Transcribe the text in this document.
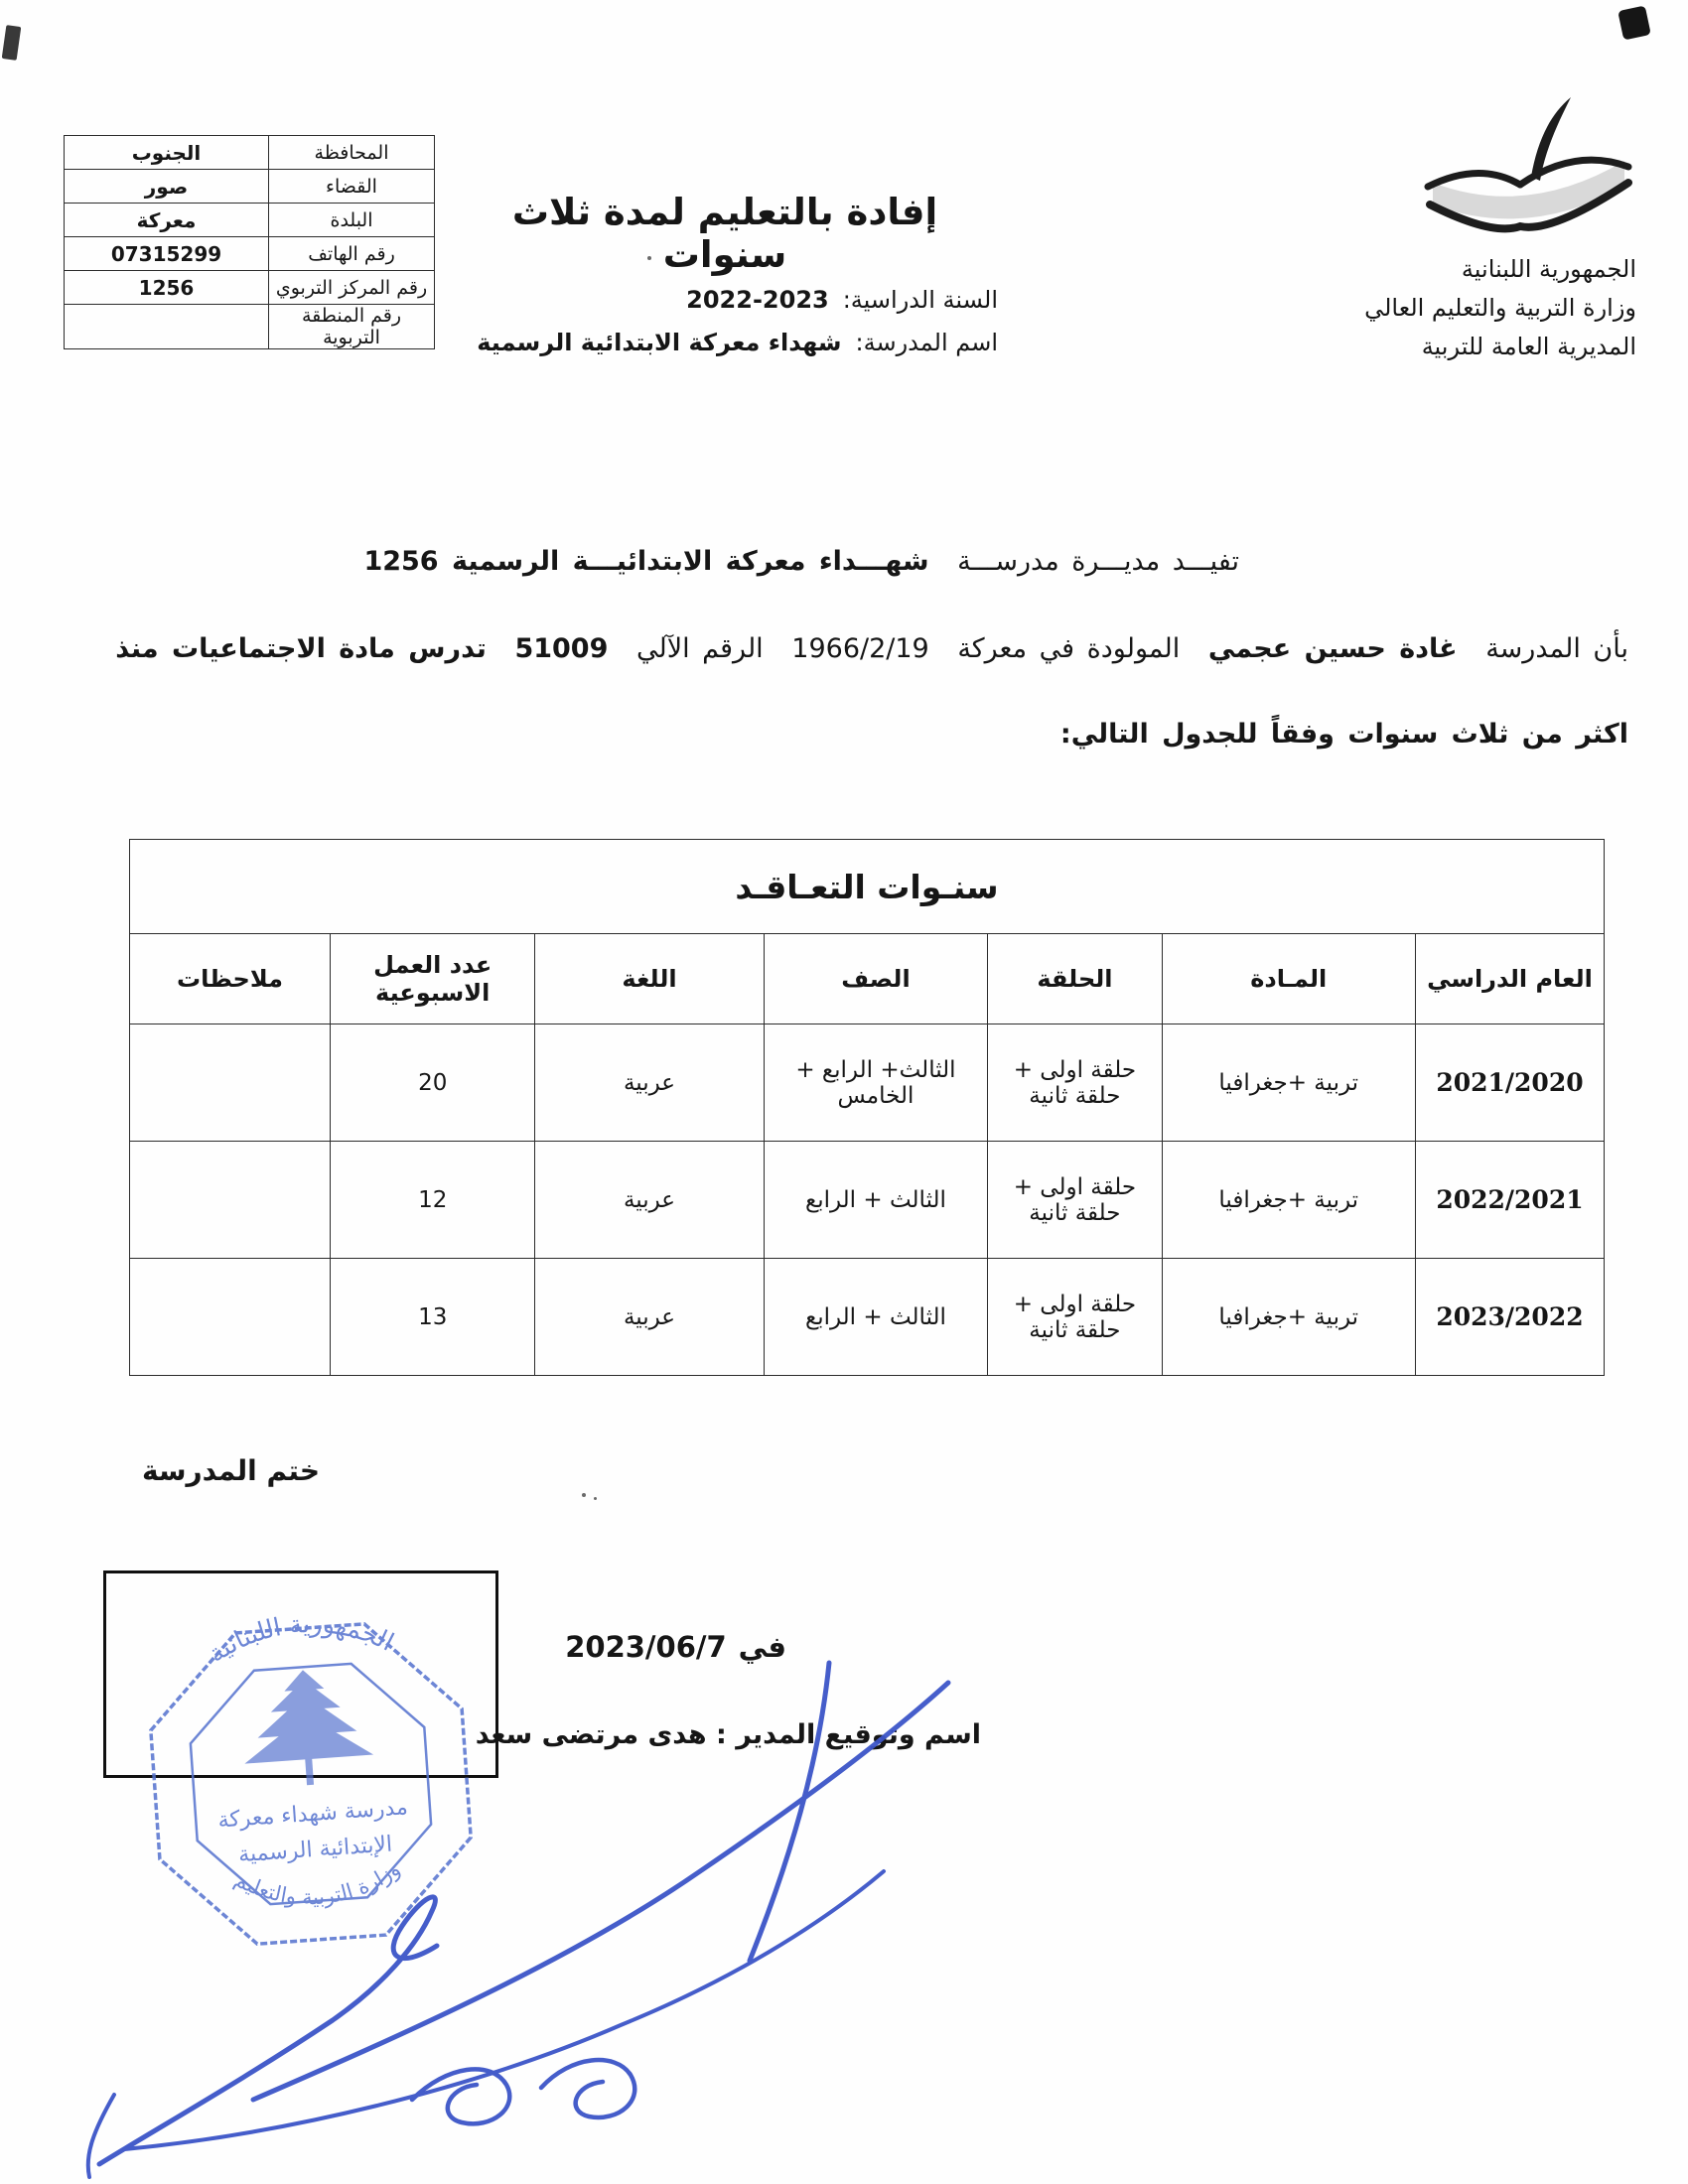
المحافظة	الجنوب
القضاء	صور
البلدة	معركة
رقم الهاتف	07315299
رقم المركز التربوي	1256
رقم المنطقة التربوية	
إفادة بالتعليم لمدة ثلاث سنوات
السنة الدراسية:2023-2022
اسم المدرسة:شهداء معركة الابتدائية الرسمية
الجمهورية اللبنانية
وزارة التربية والتعليم العالي
المديرية العامة للتربية
تفيـــد مديـــرة مدرســـة شهـــداء معركة الابتدائيـــة الرسمية 1256
بأن المدرسة غادة حسين عجمي المولودة في معركة 1966/2/19 الرقم الآلي 51009 تدرس مادة الاجتماعيات منذ
اكثر من ثلاث سنوات وفقاً للجدول التالي:
سنـوات التعـاقـد						
العام الدراسي	المـادة	الحلقة	الصف	اللغة	عدد العمل الاسبوعية	ملاحظات
2021/2020	تربية +جغرافيا	حلقة اولى + حلقة ثانية	الثالث+ الرابع + الخامس	عربية	20	
2022/2021	تربية +جغرافيا	حلقة اولى + حلقة ثانية	الثالث + الرابع	عربية	12	
2023/2022	تربية +جغرافيا	حلقة اولى + حلقة ثانية	الثالث + الرابع	عربية	13	
ختم المدرسة
في2023/06/7
اسم وتوقيع المدير : هدى مرتضى سعد
الجمهورية اللبنانية
مدرسة شهداء معركة
الإبتدائية الرسمية
وزارة التربية والتعليم
